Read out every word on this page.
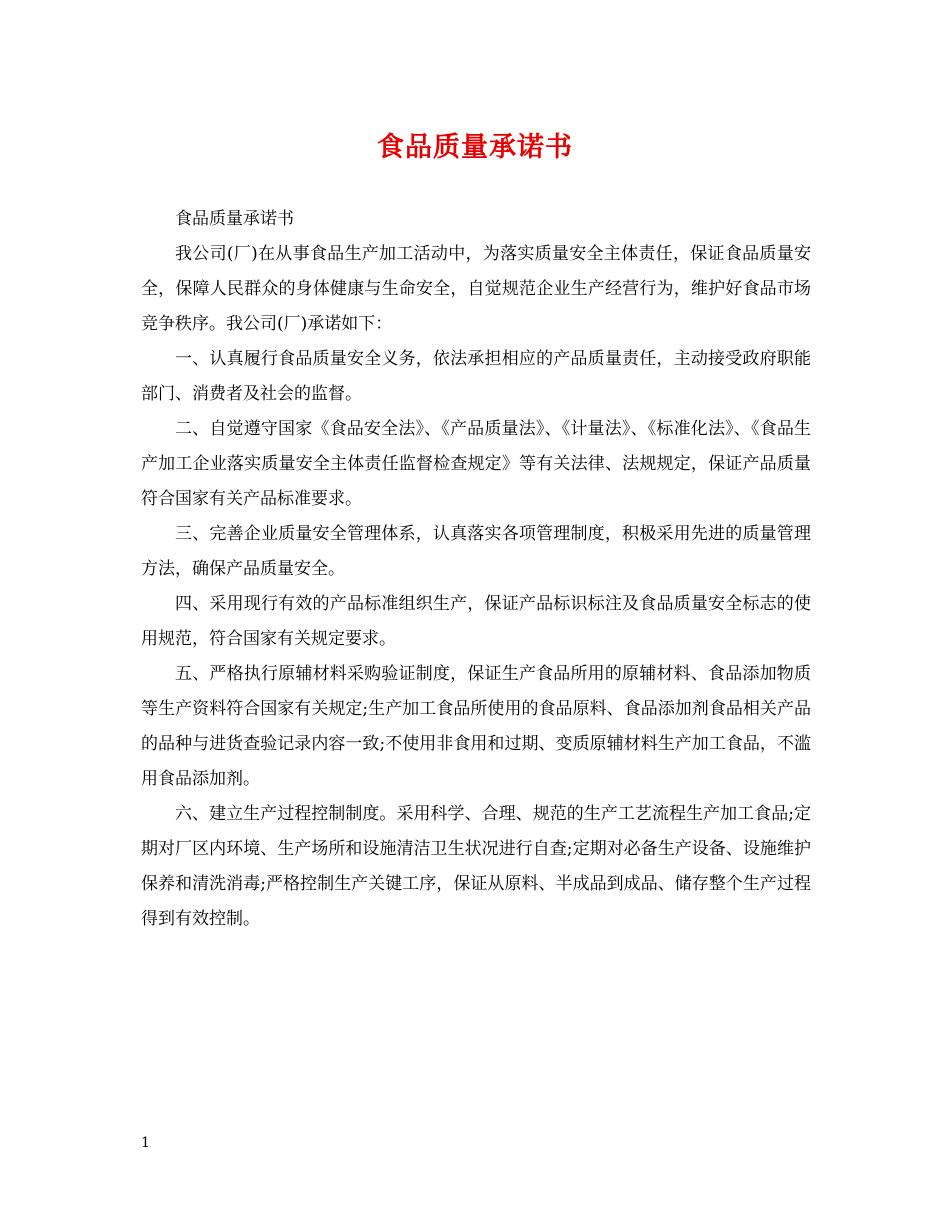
食品质量承诺书

食品质量承诺书

我公司(厂)在从事食品生产加工活动中，为落实质量安全主体责任，保证食品质量安全，保障人民群众的身体健康与生命安全，自觉规范企业生产经营行为，维护好食品市场竞争秩序。我公司(厂)承诺如下：

一、认真履行食品质量安全义务，依法承担相应的产品质量责任，主动接受政府职能部门、消费者及社会的监督。

二、自觉遵守国家《食品安全法》、《产品质量法》、《计量法》、《标准化法》、《食品生产加工企业落实质量安全主体责任监督检查规定》等有关法律、法规规定，保证产品质量符合国家有关产品标准要求。

三、完善企业质量安全管理体系，认真落实各项管理制度，积极采用先进的质量管理方法，确保产品质量安全。

四、采用现行有效的产品标准组织生产，保证产品标识标注及食品质量安全标志的使用规范，符合国家有关规定要求。

五、严格执行原辅材料采购验证制度，保证生产食品所用的原辅材料、食品添加物质等生产资料符合国家有关规定;生产加工食品所使用的食品原料、食品添加剂食品相关产品的品种与进货查验记录内容一致;不使用非食用和过期、变质原辅材料生产加工食品，不滥用食品添加剂。

六、建立生产过程控制制度。采用科学、合理、规范的生产工艺流程生产加工食品;定期对厂区内环境、生产场所和设施清洁卫生状况进行自查;定期对必备生产设备、设施维护保养和清洗消毒;严格控制生产关键工序，保证从原料、半成品到成品、储存整个生产过程得到有效控制。

1
